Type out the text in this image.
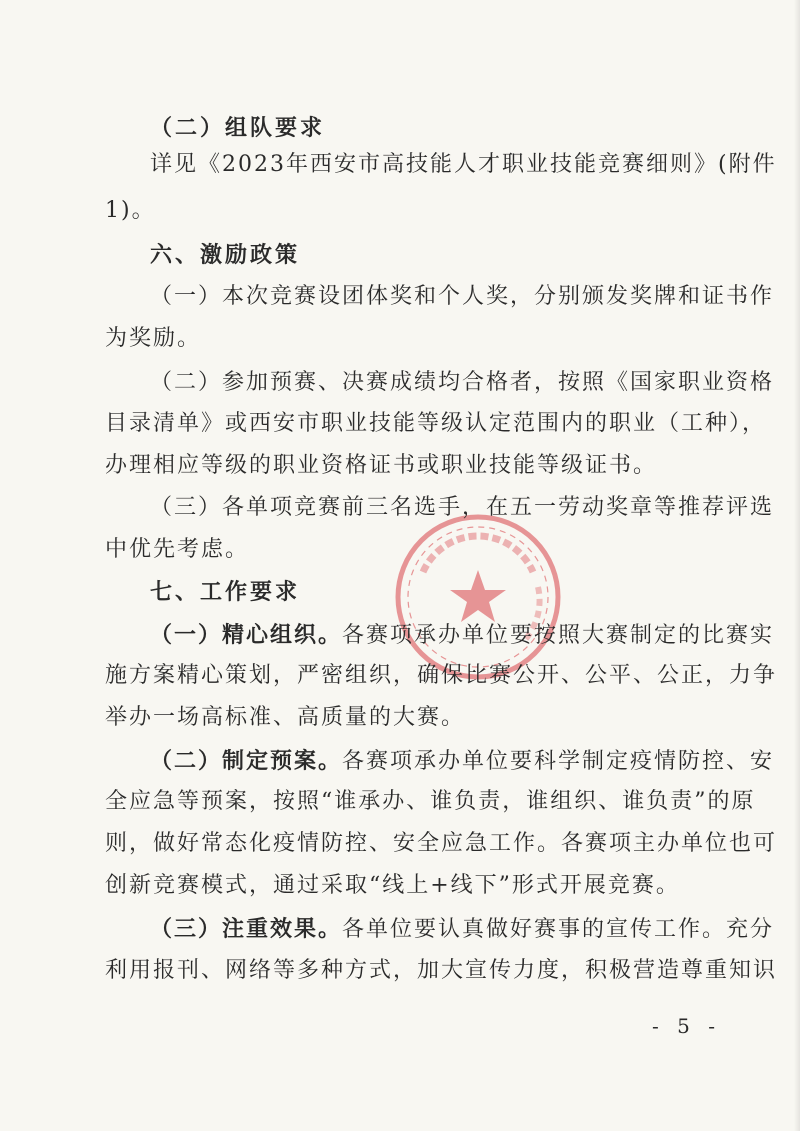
（二）组队要求
详见《2023年西安市高技能人才职业技能竞赛细则》(附件
1)。
六、激励政策
（一）本次竞赛设团体奖和个人奖，分别颁发奖牌和证书作
为奖励。
（二）参加预赛、决赛成绩均合格者，按照《国家职业资格
目录清单》或西安市职业技能等级认定范围内的职业（工种），
办理相应等级的职业资格证书或职业技能等级证书。
（三）各单项竞赛前三名选手，在五一劳动奖章等推荐评选
中优先考虑。
七、工作要求
（一）精心组织。各赛项承办单位要按照大赛制定的比赛实
施方案精心策划，严密组织，确保比赛公开、公平、公正，力争
举办一场高标准、高质量的大赛。
（二）制定预案。各赛项承办单位要科学制定疫情防控、安
全应急等预案，按照“谁承办、谁负责，谁组织、谁负责”的原
则，做好常态化疫情防控、安全应急工作。各赛项主办单位也可
创新竞赛模式，通过采取“线上+线下”形式开展竞赛。
（三）注重效果。各单位要认真做好赛事的宣传工作。充分
利用报刊、网络等多种方式，加大宣传力度，积极营造尊重知识
- 5 -
